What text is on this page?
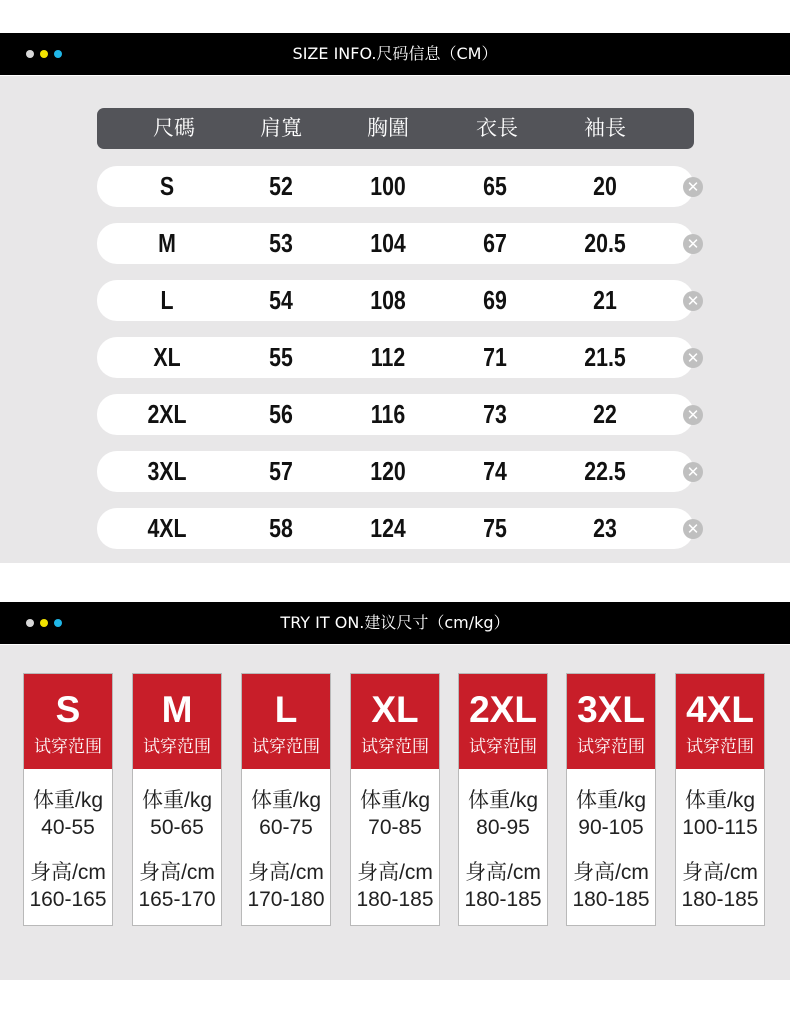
SIZE INFO.尺码信息（CM）
尺碼	肩寬	胸圍	衣長	袖長
S	52	100	65	20	✕
M	53	104	67	20.5	✕
L	54	108	69	21	✕
XL	55	112	71	21.5	✕
2XL	56	116	73	22	✕
3XL	57	120	74	22.5	✕
4XL	58	124	75	23	✕
TRY IT ON.建议尺寸（cm/kg）
S
试穿范围
体重/kg
40-55
身高/cm
160-165
M
试穿范围
体重/kg
50-65
身高/cm
165-170
L
试穿范围
体重/kg
60-75
身高/cm
170-180
XL
试穿范围
体重/kg
70-85
身高/cm
180-185
2XL
试穿范围
体重/kg
80-95
身高/cm
180-185
3XL
试穿范围
体重/kg
90-105
身高/cm
180-185
4XL
试穿范围
体重/kg
100-115
身高/cm
180-185
